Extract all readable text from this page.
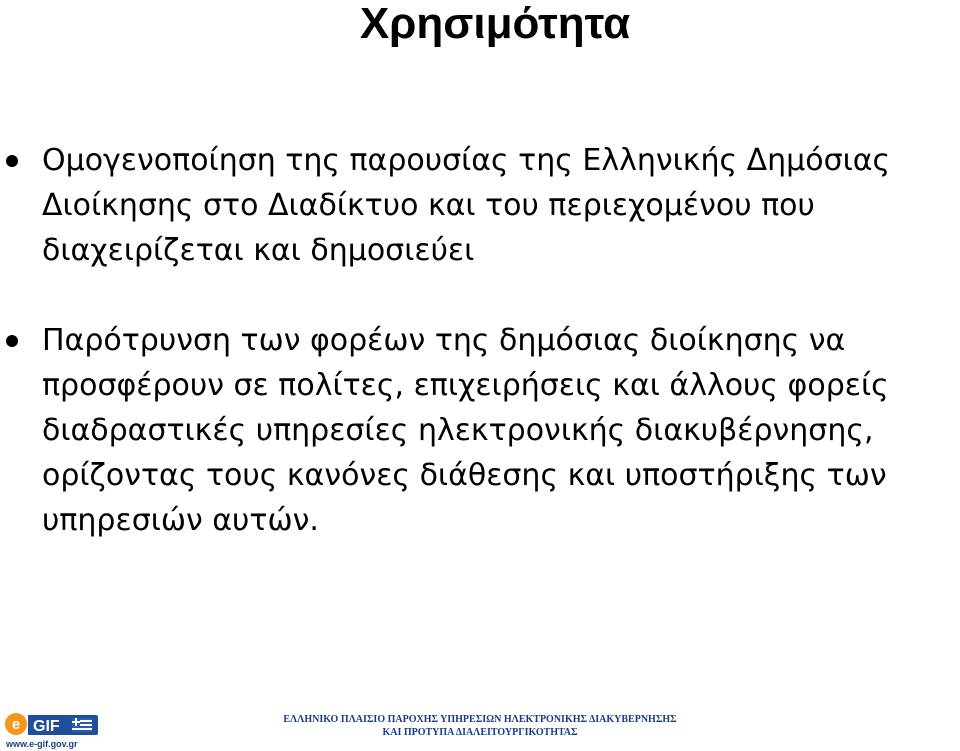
Χρησιμότητα
Ομογενοποίηση της παρουσίας της Ελληνικής Δημόσιας Διοίκησης στο Διαδίκτυο και του περιεχομένου που διαχειρίζεται και δημοσιεύει
Παρότρυνση των φορέων της δημόσιας διοίκησης να προσφέρουν σε πολίτες, επιχειρήσεις και άλλους φορείς διαδραστικές υπηρεσίες ηλεκτρονικής διακυβέρνησης, ορίζοντας τους κανόνες διάθεσης και υποστήριξης των υπηρεσιών αυτών.
e GIF
www.e-gif.gov.gr
ΕΛΛΗΝΙΚΟ ΠΛΑΙΣΙΟ ΠΑΡΟΧΗΣ ΥΠΗΡΕΣΙΩΝ ΗΛΕΚΤΡΟΝΙΚΗΣ ΔΙΑΚΥΒΕΡΝΗΣΗΣ
ΚΑΙ ΠΡΟΤΥΠΑ ΔΙΑΛΕΙΤΟΥΡΓΙΚΟΤΗΤΑΣ
